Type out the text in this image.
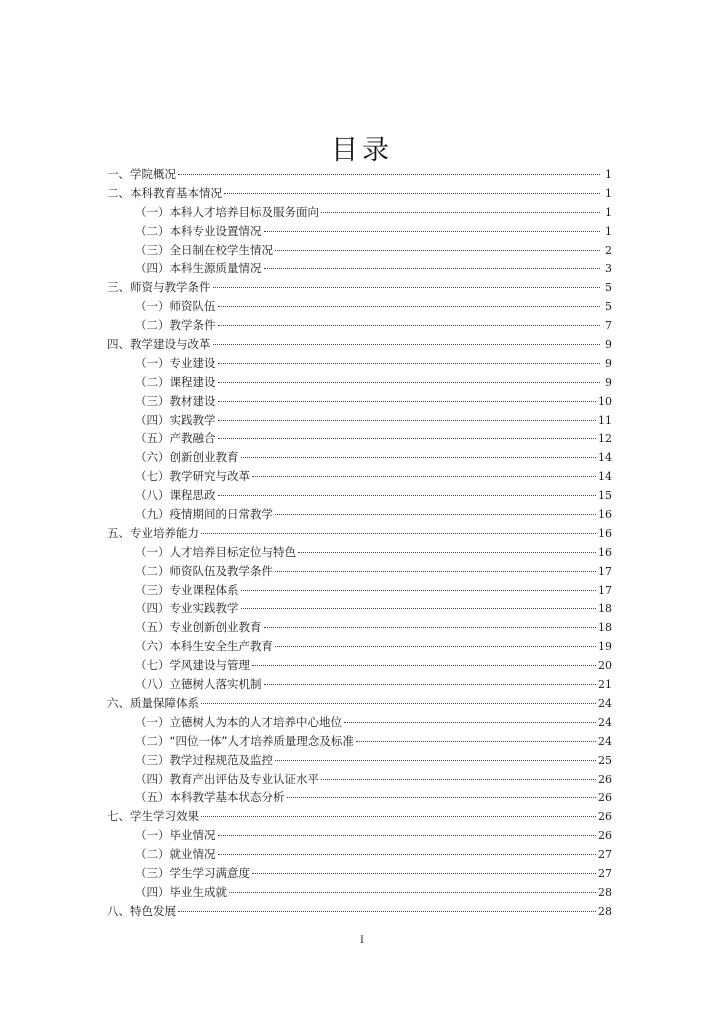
目录
一、学院概况	1
二、本科教育基本情况	1
（一）本科人才培养目标及服务面向	1
（二）本科专业设置情况	1
（三）全日制在校学生情况	2
（四）本科生源质量情况	3
三、师资与教学条件	5
（一）师资队伍	5
（二）教学条件	7
四、教学建设与改革	9
（一）专业建设	9
（二）课程建设	9
（三）教材建设	10
（四）实践教学	11
（五）产教融合	12
（六）创新创业教育	14
（七）教学研究与改革	14
（八）课程思政	15
（九）疫情期间的日常教学	16
五、专业培养能力	16
（一）人才培养目标定位与特色	16
（二）师资队伍及教学条件	17
（三）专业课程体系	17
（四）专业实践教学	18
（五）专业创新创业教育	18
（六）本科生安全生产教育	19
（七）学风建设与管理	20
（八）立德树人落实机制	21
六、质量保障体系	24
（一）立德树人为本的人才培养中心地位	24
（二）“四位一体”人才培养质量理念及标准	24
（三）教学过程规范及监控	25
（四）教育产出评估及专业认证水平	26
（五）本科教学基本状态分析	26
七、学生学习效果	26
（一）毕业情况	26
（二）就业情况	27
（三）学生学习满意度	27
（四）毕业生成就	28
八、特色发展	28
I
